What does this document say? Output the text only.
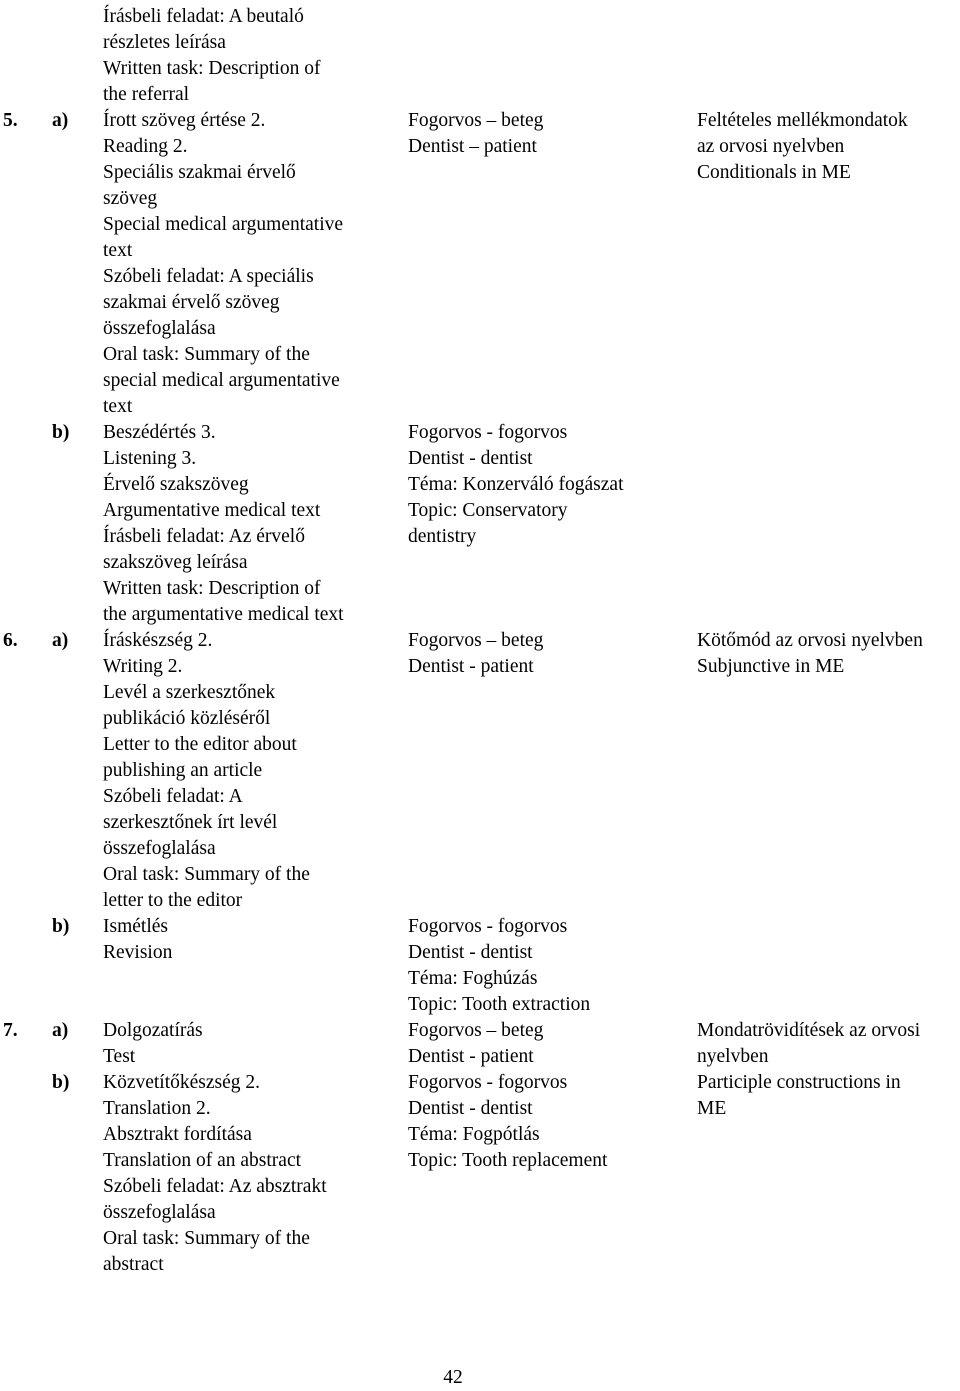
Írásbeli feladat: A beutaló
részletes leírása
Written task: Description of
the referral
5. a) Írott szöveg értése 2.
Reading 2.
Speciális szakmai érvelő
szöveg
Special medical argumentative
text
Szóbeli feladat: A speciális
szakmai érvelő szöveg
összefoglalása
Oral task: Summary of the
special medical argumentative
text
Fogorvos – beteg
Dentist – patient
Feltételes mellékmondatok
az orvosi nyelvben
Conditionals in ME
b) Beszédértés 3.
Listening 3.
Érvelő szakszöveg
Argumentative medical text
Írásbeli feladat: Az érvelő
szakszöveg leírása
Written task: Description of
the argumentative medical text
Fogorvos - fogorvos
Dentist - dentist
Téma: Konzerváló fogászat
Topic: Conservatory
dentistry
6. a) Íráskészség 2.
Writing 2.
Levél a szerkesztőnek
publikáció közléséről
Letter to the editor about
publishing an article
Szóbeli feladat: A
szerkesztőnek írt levél
összefoglalása
Oral task: Summary of the
letter to the editor
Fogorvos – beteg
Dentist - patient
Kötőmód az orvosi nyelvben
Subjunctive in ME
b) Ismétlés
Revision
Fogorvos - fogorvos
Dentist - dentist
Téma: Foghúzás
Topic: Tooth extraction
7. a) Dolgozatírás
Test
Fogorvos – beteg
Dentist - patient
Mondatrövidítések az orvosi
nyelvben
Participle constructions in
ME
b) Közvetítőkészség 2.
Translation 2.
Absztrakt fordítása
Translation of an abstract
Szóbeli feladat: Az absztrakt
összefoglalása
Oral task: Summary of the
abstract
Fogorvos - fogorvos
Dentist - dentist
Téma: Fogpótlás
Topic: Tooth replacement
42
